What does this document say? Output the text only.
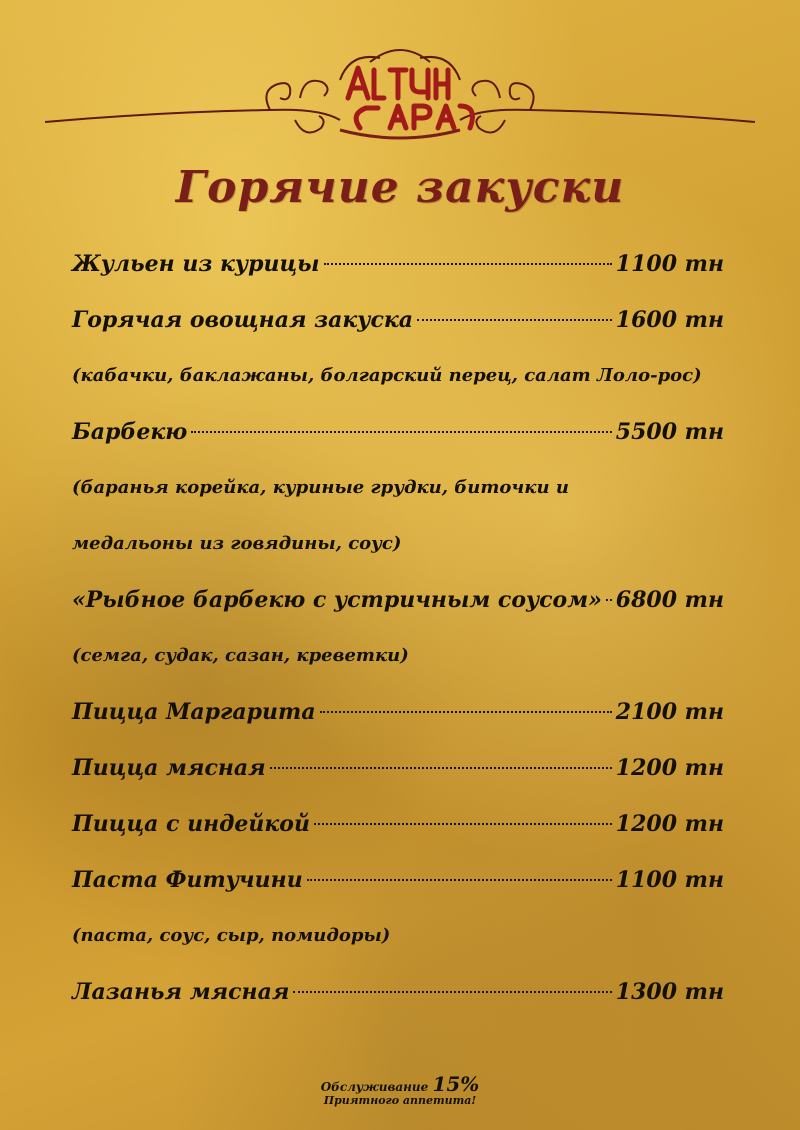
Горячие закуски
Жульен из курицы	1100 тн
Горячая овощная закуска	1600 тн
(кабачки, баклажаны, болгарский перец, салат Лоло-рос)
Барбекю	5500 тн
(баранья корейка, куриные грудки, биточки и медальоны из говядины, соус)
«Рыбное барбекю с устричным соусом» 6800 тн
(семга, судак, сазан, креветки)
Пицца Маргарита	2100 тн
Пицца мясная	1200 тн
Пицца с индейкой	1200 тн
Паста Фитучини	1100 тн
(паста, соус, сыр, помидоры)
Лазанья мясная	1300 тн
Обслуживание 15%
Приятного аппетита!
